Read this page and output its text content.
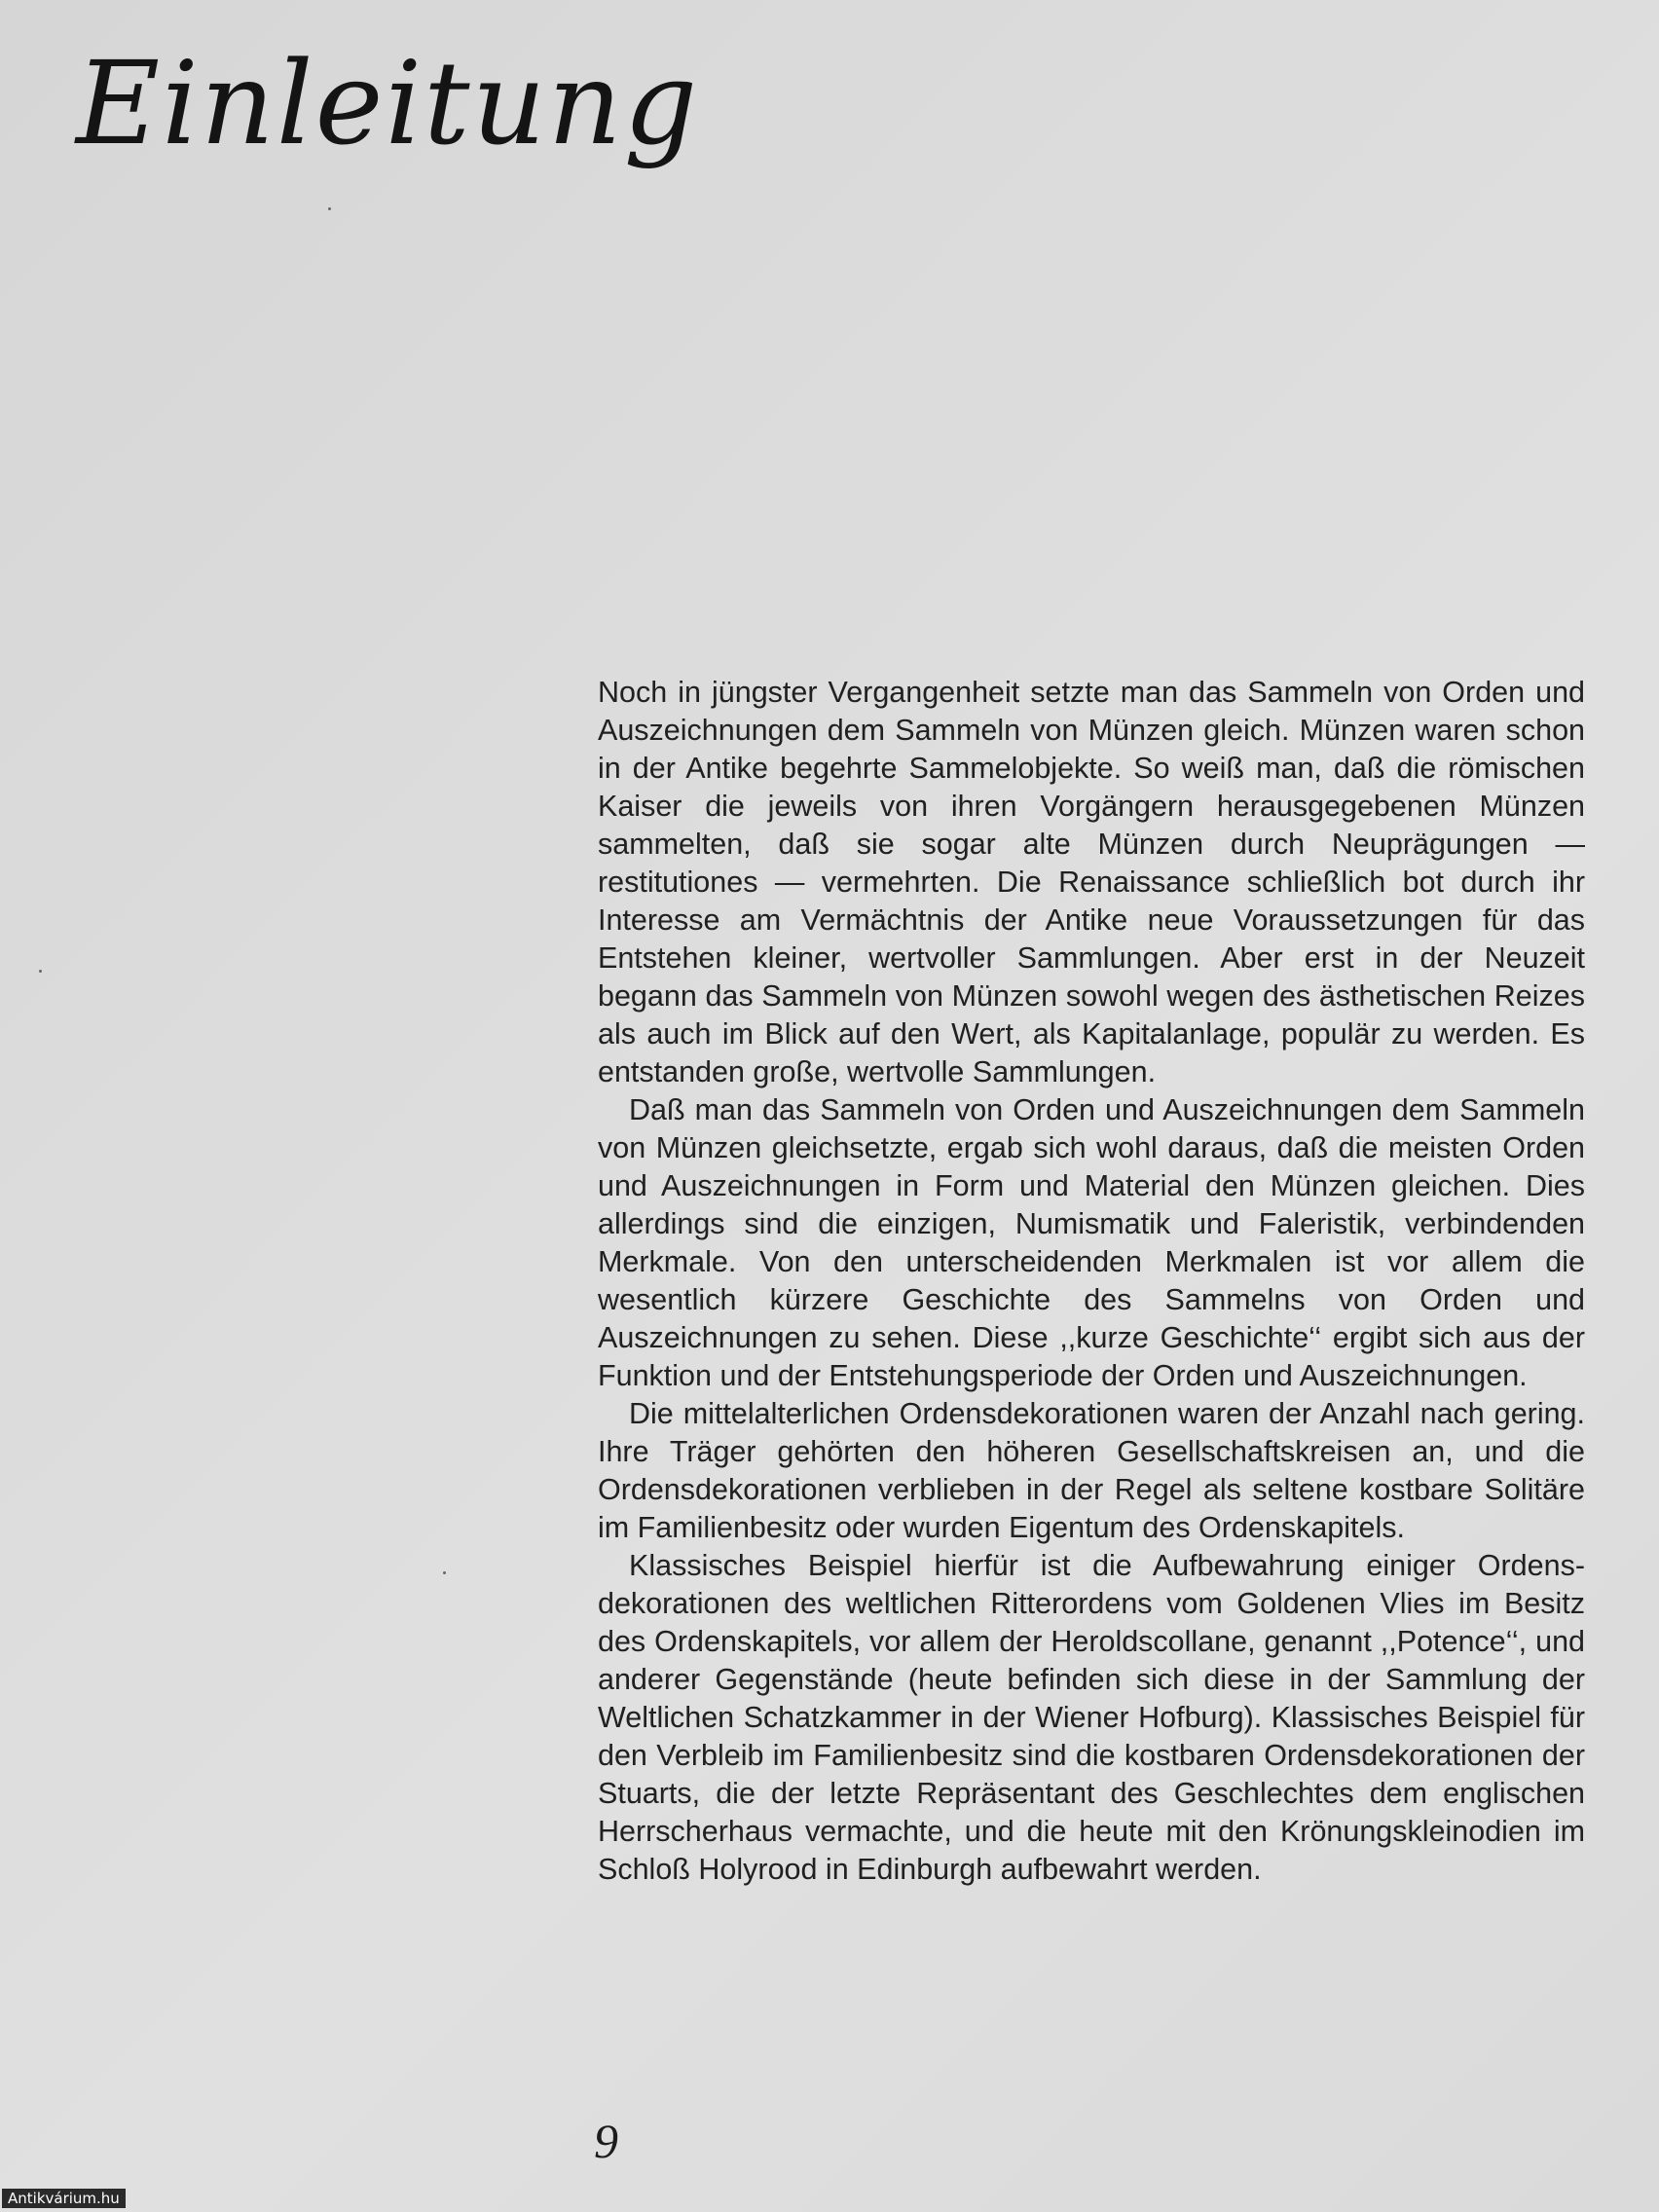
Einleitung

Noch in jüngster Vergangenheit setzte man das Sammeln von Orden und Auszeichnungen dem Sammeln von Münzen gleich. Münzen waren schon in der Antike begehrte Sammelobjekte. So weiß man, daß die römischen Kaiser die jeweils von ihren Vorgängern herausgegebenen Münzen sammelten, daß sie sogar alte Münzen durch Neuprägungen — restitutiones — vermehrten. Die Renaissance schließlich bot durch ihr Interesse am Vermächtnis der Antike neue Voraussetzungen für das Entstehen kleiner, wertvoller Sammlungen. Aber erst in der Neuzeit begann das Sammeln von Münzen sowohl wegen des ästhetischen Reizes als auch im Blick auf den Wert, als Kapitalanlage, populär zu werden. Es entstanden große, wertvolle Sammlungen.

Daß man das Sammeln von Orden und Auszeichnungen dem Sammeln von Münzen gleichsetzte, ergab sich wohl daraus, daß die meisten Orden und Auszeichnungen in Form und Material den Münzen gleichen. Dies allerdings sind die einzigen, Numismatik und Faleristik, verbindenden Merkmale. Von den unterscheidenden Merkmalen ist vor allem die wesentlich kürzere Geschichte des Sammelns von Orden und Auszeichnungen zu sehen. Diese ,,kurze Geschichte‘‘ ergibt sich aus der Funktion und der Entstehungsperiode der Orden und Auszeichnungen.

Die mittelalterlichen Ordensdekorationen waren der Anzahl nach gering. Ihre Träger gehörten den höheren Gesellschaftskreisen an, und die Ordensdekorationen verblieben in der Regel als seltene kostbare Solitäre im Familienbesitz oder wurden Eigentum des Ordenskapitels.

Klassisches Beispiel hierfür ist die Aufbewahrung einiger Ordensdekorationen des weltlichen Ritterordens vom Goldenen Vlies im Besitz des Ordenskapitels, vor allem der Heroldscollane, genannt ,,Potence‘‘, und anderer Gegenstände (heute befinden sich diese in der Sammlung der Weltlichen Schatzkammer in der Wiener Hofburg). Klassisches Beispiel für den Verbleib im Familienbesitz sind die kostbaren Ordensdekorationen der Stuarts, die der letzte Repräsentant des Geschlechtes dem englischen Herrscherhaus vermachte, und die heute mit den Krönungskleinodien im Schloß Holyrood in Edinburgh aufbewahrt werden.

9
Antikvárium.hu
